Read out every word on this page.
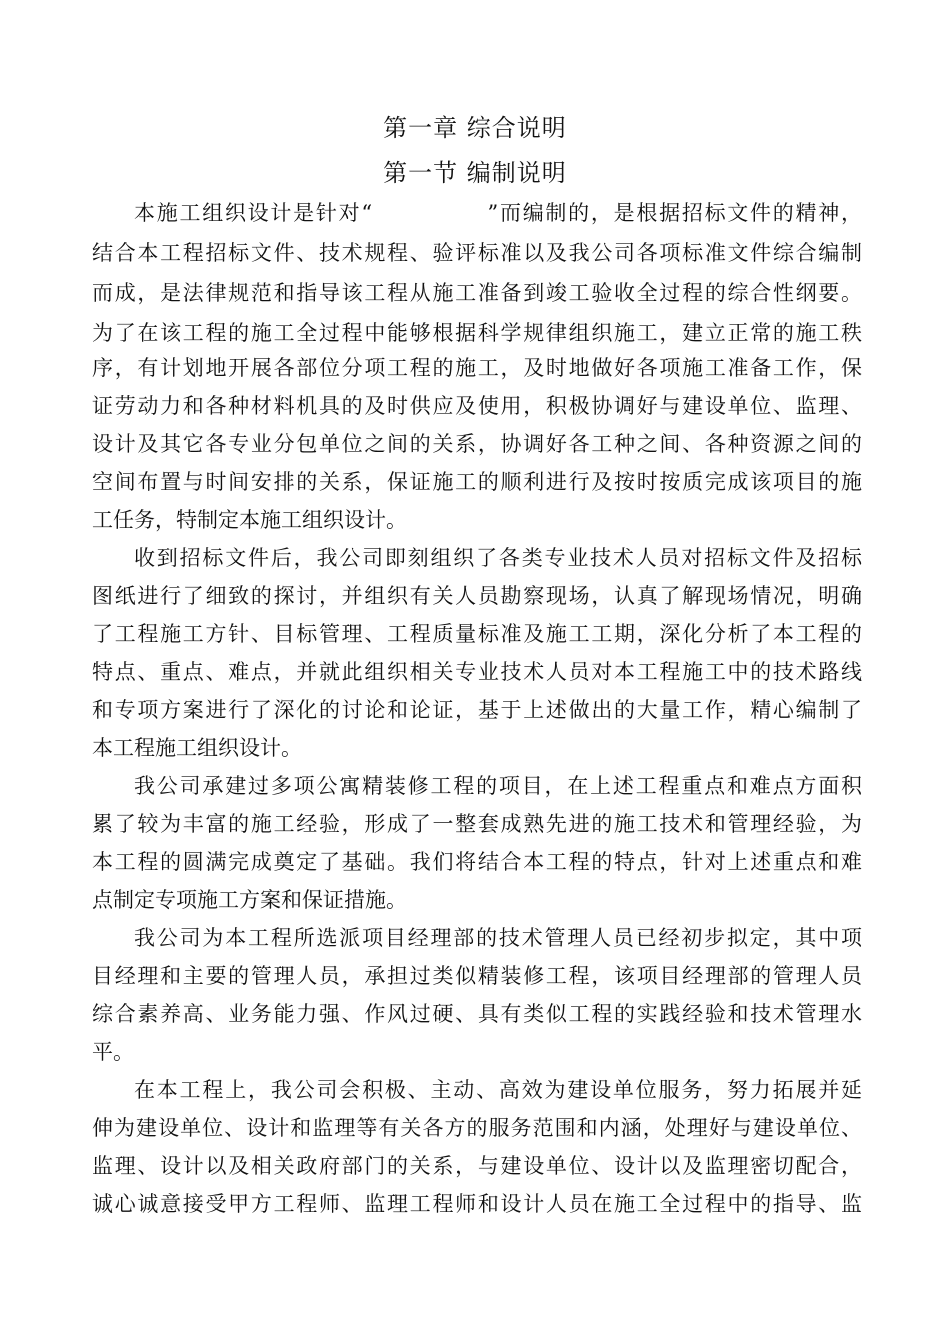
第一章 综合说明
第一节 编制说明
本施工组织设计是针对“　　　　　”而编制的，是根据招标文件的精神，
结合本工程招标文件、技术规程、验评标准以及我公司各项标准文件综合编制
而成，是法律规范和指导该工程从施工准备到竣工验收全过程的综合性纲要。
为了在该工程的施工全过程中能够根据科学规律组织施工，建立正常的施工秩
序，有计划地开展各部位分项工程的施工，及时地做好各项施工准备工作，保
证劳动力和各种材料机具的及时供应及使用，积极协调好与建设单位、监理、
设计及其它各专业分包单位之间的关系，协调好各工种之间、各种资源之间的
空间布置与时间安排的关系，保证施工的顺利进行及按时按质完成该项目的施
工任务，特制定本施工组织设计。
收到招标文件后，我公司即刻组织了各类专业技术人员对招标文件及招标
图纸进行了细致的探讨，并组织有关人员勘察现场，认真了解现场情况，明确
了工程施工方针、目标管理、工程质量标准及施工工期，深化分析了本工程的
特点、重点、难点，并就此组织相关专业技术人员对本工程施工中的技术路线
和专项方案进行了深化的讨论和论证，基于上述做出的大量工作，精心编制了
本工程施工组织设计。
我公司承建过多项公寓精装修工程的项目，在上述工程重点和难点方面积
累了较为丰富的施工经验，形成了一整套成熟先进的施工技术和管理经验，为
本工程的圆满完成奠定了基础。我们将结合本工程的特点，针对上述重点和难
点制定专项施工方案和保证措施。
我公司为本工程所选派项目经理部的技术管理人员已经初步拟定，其中项
目经理和主要的管理人员，承担过类似精装修工程，该项目经理部的管理人员
综合素养高、业务能力强、作风过硬、具有类似工程的实践经验和技术管理水
平。
在本工程上，我公司会积极、主动、高效为建设单位服务，努力拓展并延
伸为建设单位、设计和监理等有关各方的服务范围和内涵，处理好与建设单位、
监理、设计以及相关政府部门的关系，与建设单位、设计以及监理密切配合，
诚心诚意接受甲方工程师、监理工程师和设计人员在施工全过程中的指导、监
